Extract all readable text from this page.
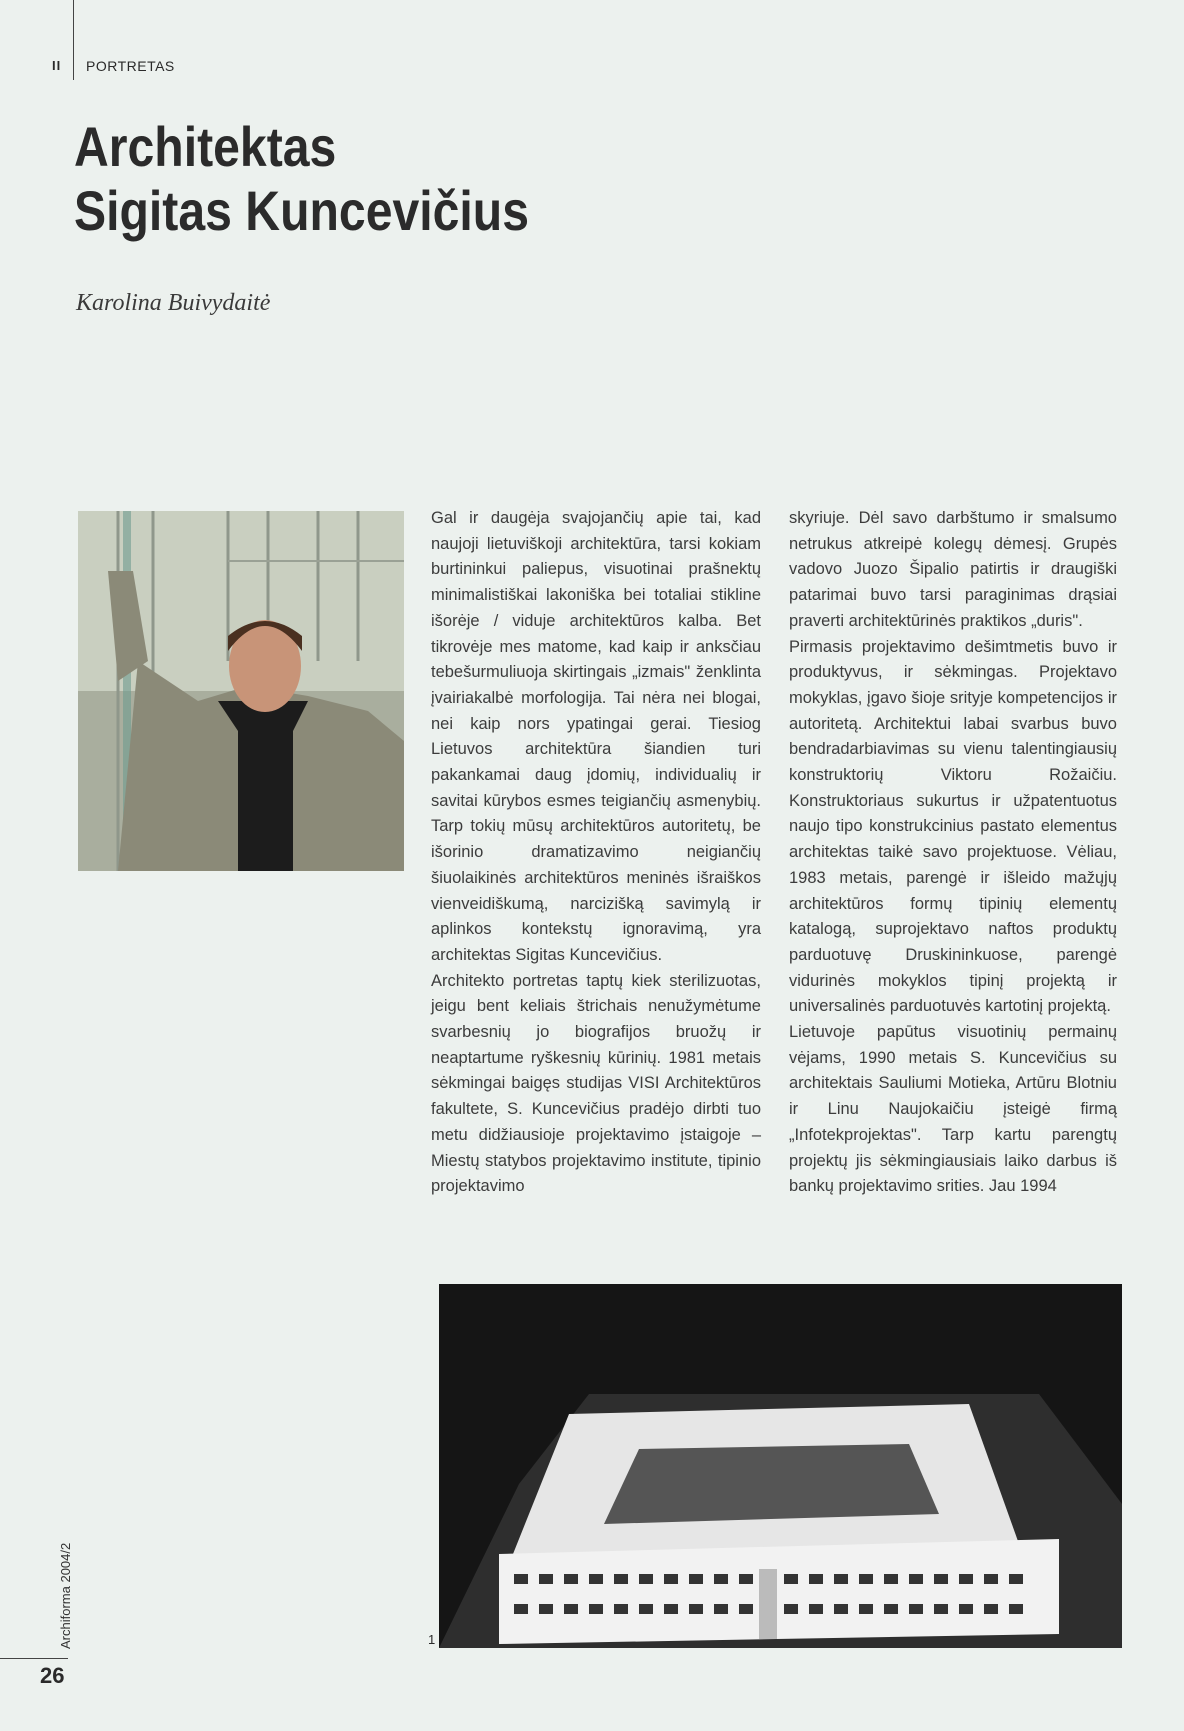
II PORTRETAS
Architektas
Sigitas Kuncevičius
Karolina Buivydaitė

Gal ir daugėja svajojančių apie tai, kad naujoji lietuviškoji architektūra, tarsi kokiam burtininkui paliepus, visuotinai prašnekt‍ų minimalistiškai lakoniška bei totaliai stikline išorėje / viduje architektūros kalba. Bet tikrovėje mes matome, kad kaip ir anksčiau tebešurmuliuoja skirtingais „izmais" ženklinta įvairiakalbė morfologija. Tai nėra nei blogai, nei kaip nors ypatingai gerai. Tiesiog Lietuvos architektūra šiandien turi pakankamai daug įdomių, individualių ir savitai kūrybos esmes teigiančių asmenybių. Tarp tokių mūsų architektūros autoritetų, be išorinio dramatizavimo neigiančių šiuolaikinės architektūros meninės išraiškos vienveidiškumą, narcizišką savimylą ir aplinkos kontekstų ignoravimą, yra architektas Sigitas Kuncevičius.

Architekto portretas taptų kiek sterilizuotas, jeigu bent keliais štrichais nenužymėtume svarbesnių jo biografijos bruožų ir neaptartume ryškesnių kūrinių. 1981 metais sėkmingai baigęs studijas VISI Architektūros fakultete, S. Kuncevičius pradėjo dirbti tuo metu didžiausioje projektavimo įstaigoje – Miestų statybos projektavimo institute, tipinio projektavimo

skyriuje. Dėl savo darbštumo ir smalsumo netrukus atkreipė kolegų dėmesį. Grupės vadovo Juozo Šipalio patirtis ir draugiški patarimai buvo tarsi paraginimas drąsiai praverti architektūrinės praktikos „duris".

Pirmasis projektavimo dešimtmetis buvo ir produktyvus, ir sėkmingas. Projektavo mokyklas, įgavo šioje srityje kompetencijos ir autoritetą. Architektui labai svarbus buvo bendradarbiavimas su vienu talentingiausių konstruktorių Viktoru Rožaičiu. Konstruktoriaus sukurtus ir užpatentuotus naujo tipo konstrukcinius pastato elementus architektas taikė savo projektuose. Vėliau, 1983 metais, parengė ir išleido mažųjų architektūros formų tipinių elementų katalogą, suprojektavo naftos produktų parduotuvę Druskininkuose, parengė vidurinės mokyklos tipinį projektą ir universalinės parduotuvės kartotinį projektą.

Lietuvoje papūtus visuotinių permainų vėjams, 1990 metais S. Kuncevičius su architektais Sauliumi Motieka, Artūru Blotniu ir Linu Naujokaičiu įsteigė firmą „Infotekprojektas". Tarp kartu parengtų projektų jis sėkmingiausiais laiko darbus iš bankų projektavimo srities. Jau 1994

1
Archiforma 2004/2
26
